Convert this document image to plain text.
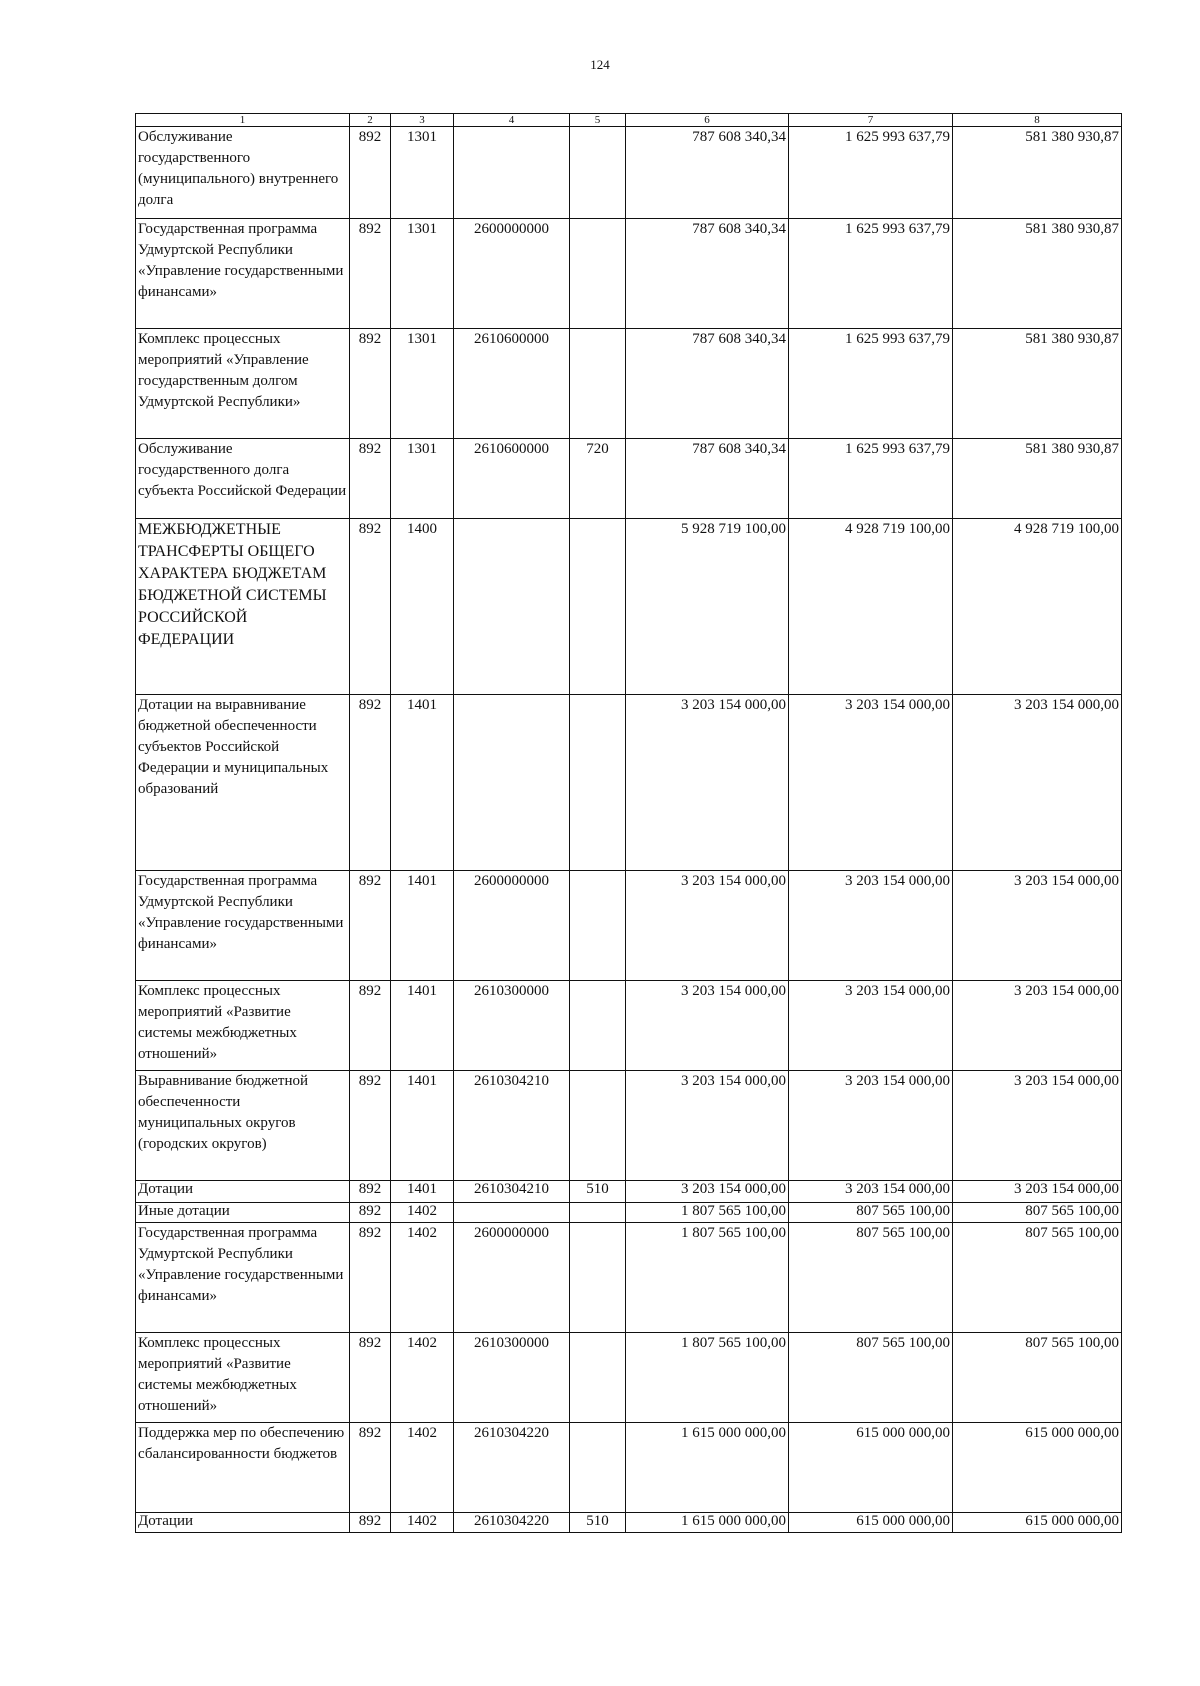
124
1	2	3	4	5	6	7	8
Обслуживание государственного (муниципального) внутреннего долга	892	1301			787 608 340,34	1 625 993 637,79	581 380 930,87
Государственная программа Удмуртской Республики «Управление государственными финансами»	892	1301	2600000000		787 608 340,34	1 625 993 637,79	581 380 930,87
Комплекс процессных мероприятий «Управление государственным долгом Удмуртской Республики»	892	1301	2610600000		787 608 340,34	1 625 993 637,79	581 380 930,87
Обслуживание государственного долга субъекта Российской Федерации	892	1301	2610600000	720	787 608 340,34	1 625 993 637,79	581 380 930,87
МЕЖБЮДЖЕТНЫЕ ТРАНСФЕРТЫ ОБЩЕГО ХАРАКТЕРА БЮДЖЕТАМ БЮДЖЕТНОЙ СИСТЕМЫ РОССИЙСКОЙ ФЕДЕРАЦИИ	892	1400			5 928 719 100,00	4 928 719 100,00	4 928 719 100,00
Дотации на выравнивание бюджетной обеспеченности субъектов Российской Федерации и муниципальных образований	892	1401			3 203 154 000,00	3 203 154 000,00	3 203 154 000,00
Государственная программа Удмуртской Республики «Управление государственными финансами»	892	1401	2600000000		3 203 154 000,00	3 203 154 000,00	3 203 154 000,00
Комплекс процессных мероприятий «Развитие системы межбюджетных отношений»	892	1401	2610300000		3 203 154 000,00	3 203 154 000,00	3 203 154 000,00
Выравнивание бюджетной обеспеченности муниципальных округов (городских округов)	892	1401	2610304210		3 203 154 000,00	3 203 154 000,00	3 203 154 000,00
Дотации	892	1401	2610304210	510	3 203 154 000,00	3 203 154 000,00	3 203 154 000,00
Иные дотации	892	1402			1 807 565 100,00	807 565 100,00	807 565 100,00
Государственная программа Удмуртской Республики «Управление государственными финансами»	892	1402	2600000000		1 807 565 100,00	807 565 100,00	807 565 100,00
Комплекс процессных мероприятий «Развитие системы межбюджетных отношений»	892	1402	2610300000		1 807 565 100,00	807 565 100,00	807 565 100,00
Поддержка мер по обеспечению сбалансированности бюджетов	892	1402	2610304220		1 615 000 000,00	615 000 000,00	615 000 000,00
Дотации	892	1402	2610304220	510	1 615 000 000,00	615 000 000,00	615 000 000,00
